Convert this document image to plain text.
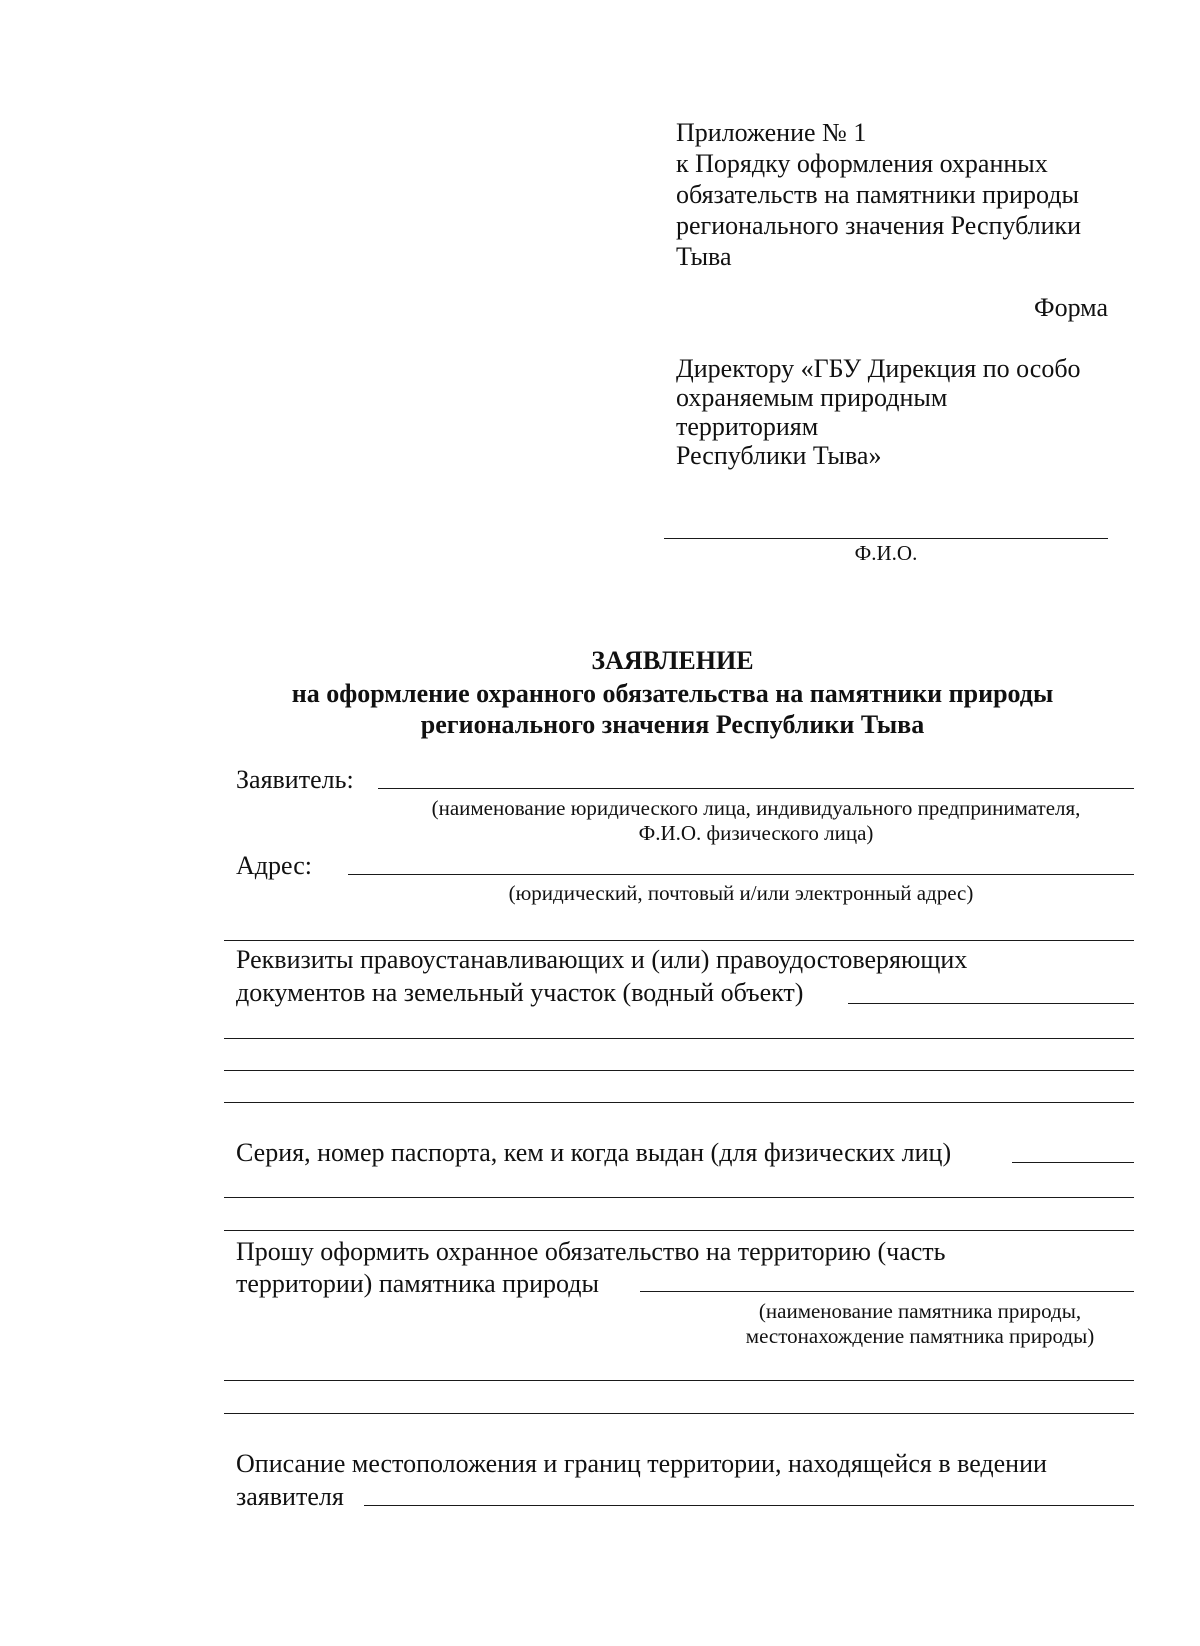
Приложение № 1
к Порядку оформления охранных
обязательств на памятники природы
регионального значения Республики
Тыва
Форма
Директору «ГБУ Дирекция по особо
охраняемым природным
территориям
Республики Тыва»
Ф.И.О.
ЗАЯВЛЕНИЕ
на оформление охранного обязательства на памятники природы
регионального значения Республики Тыва
Заявитель:
(наименование юридического лица, индивидуального предпринимателя,
Ф.И.О. физического лица)
Адрес:
(юридический, почтовый и/или электронный адрес)
Реквизиты правоустанавливающих и (или) правоудостоверяющих
документов на земельный участок (водный объект)
Серия, номер паспорта, кем и когда выдан (для физических лиц)
Прошу оформить охранное обязательство на территорию (часть
территории) памятника природы
(наименование памятника природы,
местонахождение памятника природы)
Описание местоположения и границ территории, находящейся в ведении
заявителя
